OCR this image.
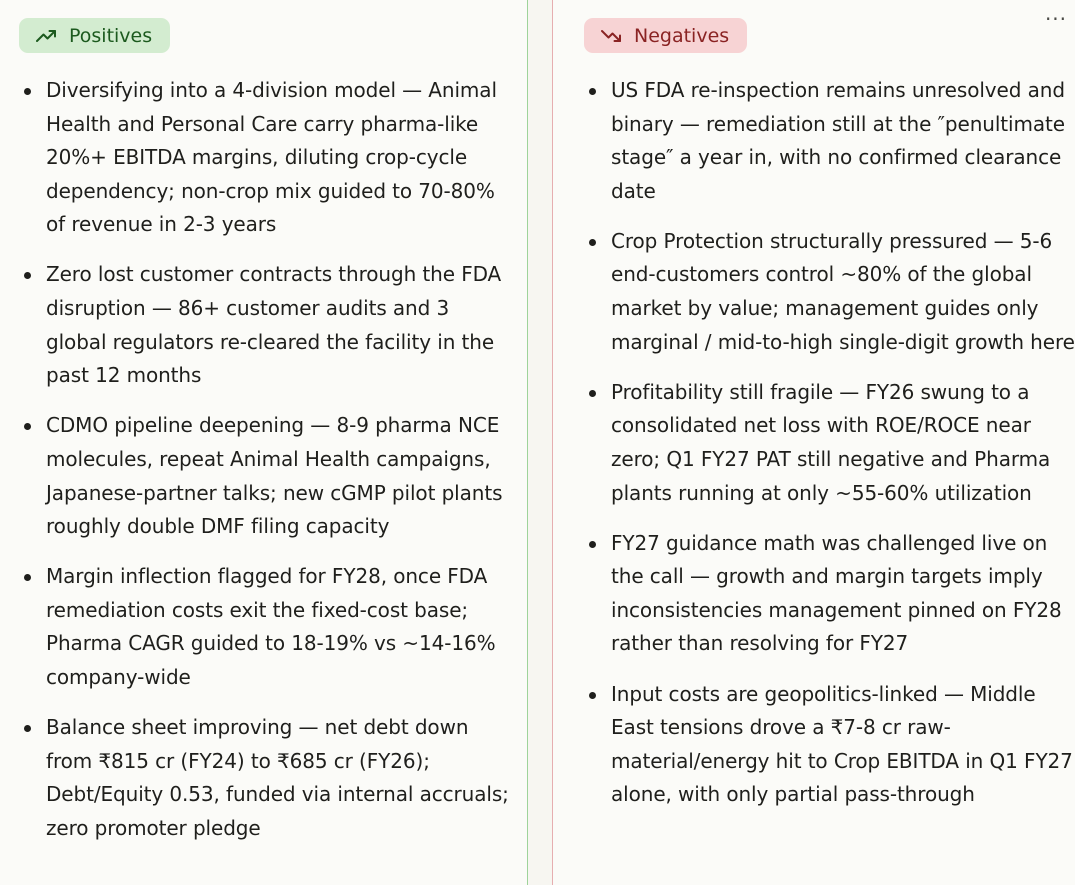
Positives
Diversifying into a 4-division model — Animal Health and Personal Care carry pharma-like 20%+ EBITDA margins, diluting crop-cycle dependency; non-crop mix guided to 70-80% of revenue in 2-3 years
Zero lost customer contracts through the FDA disruption — 86+ customer audits and 3 global regulators re-cleared the facility in the past 12 months
CDMO pipeline deepening — 8-9 pharma NCE molecules, repeat Animal Health campaigns, Japanese-partner talks; new cGMP pilot plants roughly double DMF filing capacity
Margin inflection flagged for FY28, once FDA remediation costs exit the fixed-cost base; Pharma CAGR guided to 18-19% vs ~14-16% company-wide
Balance sheet improving — net debt down from ₹815 cr (FY24) to ₹685 cr (FY26); Debt/Equity 0.53, funded via internal accruals; zero promoter pledge
Negatives
US FDA re-inspection remains unresolved and binary — remediation still at the ″penultimate stage″ a year in, with no confirmed clearance date
Crop Protection structurally pressured — 5-6 end-customers control ~80% of the global market by value; management guides only marginal / mid-to-high single-digit growth here
Profitability still fragile — FY26 swung to a consolidated net loss with ROE/ROCE near zero; Q1 FY27 PAT still negative and Pharma plants running at only ~55-60% utilization
FY27 guidance math was challenged live on the call — growth and margin targets imply inconsistencies management pinned on FY28 rather than resolving for FY27
Input costs are geopolitics-linked — Middle East tensions drove a ₹7-8 cr raw-material/energy hit to Crop EBITDA in Q1 FY27 alone, with only partial pass-through
···
